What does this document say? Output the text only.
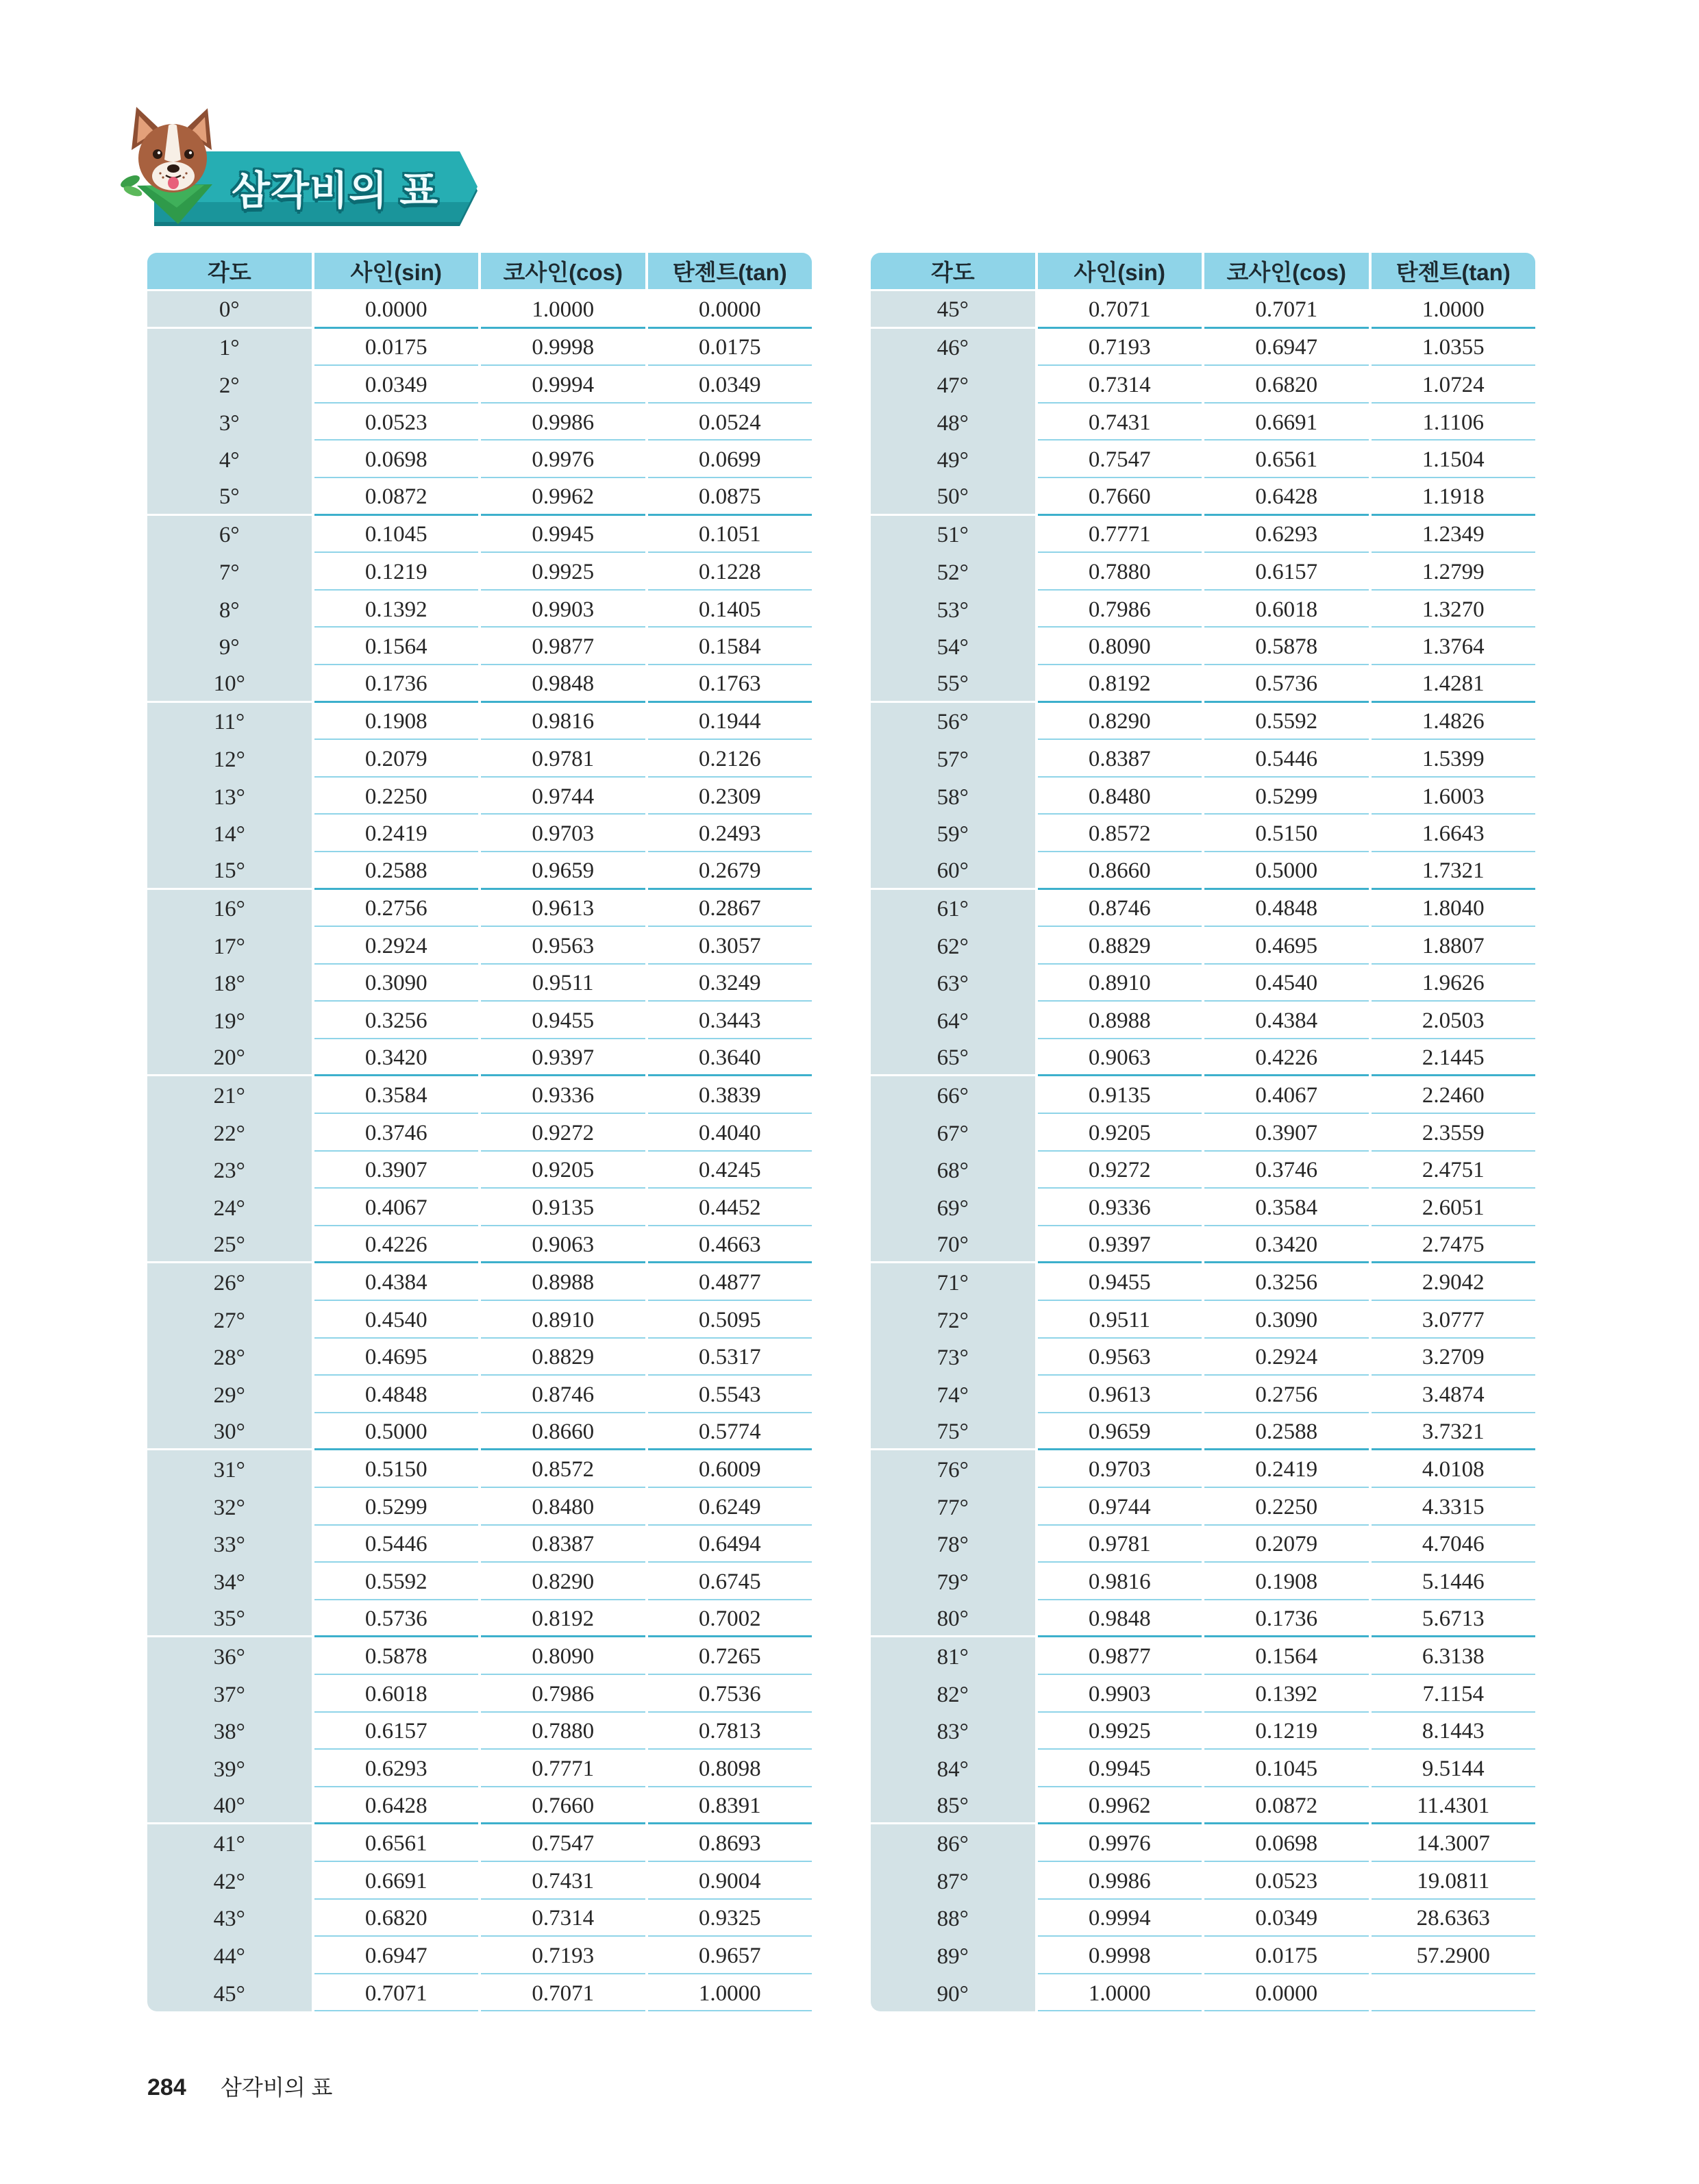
삼각비의 표
각도	사인(sin)	코사인(cos)	탄젠트(tan)
0°	0.0000	1.0000	0.0000
1°	0.0175	0.9998	0.0175
2°	0.0349	0.9994	0.0349
3°	0.0523	0.9986	0.0524
4°	0.0698	0.9976	0.0699
5°	0.0872	0.9962	0.0875
6°	0.1045	0.9945	0.1051
7°	0.1219	0.9925	0.1228
8°	0.1392	0.9903	0.1405
9°	0.1564	0.9877	0.1584
10°	0.1736	0.9848	0.1763
11°	0.1908	0.9816	0.1944
12°	0.2079	0.9781	0.2126
13°	0.2250	0.9744	0.2309
14°	0.2419	0.9703	0.2493
15°	0.2588	0.9659	0.2679
16°	0.2756	0.9613	0.2867
17°	0.2924	0.9563	0.3057
18°	0.3090	0.9511	0.3249
19°	0.3256	0.9455	0.3443
20°	0.3420	0.9397	0.3640
21°	0.3584	0.9336	0.3839
22°	0.3746	0.9272	0.4040
23°	0.3907	0.9205	0.4245
24°	0.4067	0.9135	0.4452
25°	0.4226	0.9063	0.4663
26°	0.4384	0.8988	0.4877
27°	0.4540	0.8910	0.5095
28°	0.4695	0.8829	0.5317
29°	0.4848	0.8746	0.5543
30°	0.5000	0.8660	0.5774
31°	0.5150	0.8572	0.6009
32°	0.5299	0.8480	0.6249
33°	0.5446	0.8387	0.6494
34°	0.5592	0.8290	0.6745
35°	0.5736	0.8192	0.7002
36°	0.5878	0.8090	0.7265
37°	0.6018	0.7986	0.7536
38°	0.6157	0.7880	0.7813
39°	0.6293	0.7771	0.8098
40°	0.6428	0.7660	0.8391
41°	0.6561	0.7547	0.8693
42°	0.6691	0.7431	0.9004
43°	0.6820	0.7314	0.9325
44°	0.6947	0.7193	0.9657
45°	0.7071	0.7071	1.0000
각도	사인(sin)	코사인(cos)	탄젠트(tan)
45°	0.7071	0.7071	1.0000
46°	0.7193	0.6947	1.0355
47°	0.7314	0.6820	1.0724
48°	0.7431	0.6691	1.1106
49°	0.7547	0.6561	1.1504
50°	0.7660	0.6428	1.1918
51°	0.7771	0.6293	1.2349
52°	0.7880	0.6157	1.2799
53°	0.7986	0.6018	1.3270
54°	0.8090	0.5878	1.3764
55°	0.8192	0.5736	1.4281
56°	0.8290	0.5592	1.4826
57°	0.8387	0.5446	1.5399
58°	0.8480	0.5299	1.6003
59°	0.8572	0.5150	1.6643
60°	0.8660	0.5000	1.7321
61°	0.8746	0.4848	1.8040
62°	0.8829	0.4695	1.8807
63°	0.8910	0.4540	1.9626
64°	0.8988	0.4384	2.0503
65°	0.9063	0.4226	2.1445
66°	0.9135	0.4067	2.2460
67°	0.9205	0.3907	2.3559
68°	0.9272	0.3746	2.4751
69°	0.9336	0.3584	2.6051
70°	0.9397	0.3420	2.7475
71°	0.9455	0.3256	2.9042
72°	0.9511	0.3090	3.0777
73°	0.9563	0.2924	3.2709
74°	0.9613	0.2756	3.4874
75°	0.9659	0.2588	3.7321
76°	0.9703	0.2419	4.0108
77°	0.9744	0.2250	4.3315
78°	0.9781	0.2079	4.7046
79°	0.9816	0.1908	5.1446
80°	0.9848	0.1736	5.6713
81°	0.9877	0.1564	6.3138
82°	0.9903	0.1392	7.1154
83°	0.9925	0.1219	8.1443
84°	0.9945	0.1045	9.5144
85°	0.9962	0.0872	11.4301
86°	0.9976	0.0698	14.3007
87°	0.9986	0.0523	19.0811
88°	0.9994	0.0349	28.6363
89°	0.9998	0.0175	57.2900
90°	1.0000	0.0000
284	삼각비의 표
